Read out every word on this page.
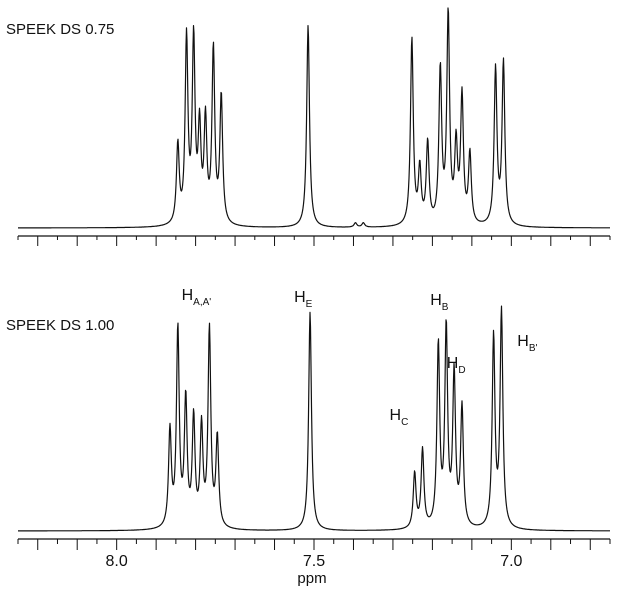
SPEEK DS 0.75
SPEEK DS 1.00
8.0	7.5	7.0
ppm
$H_{A,A'}$	$H_E$	$H_B$
$H_D$
$H_C$
$H_{B'}$
